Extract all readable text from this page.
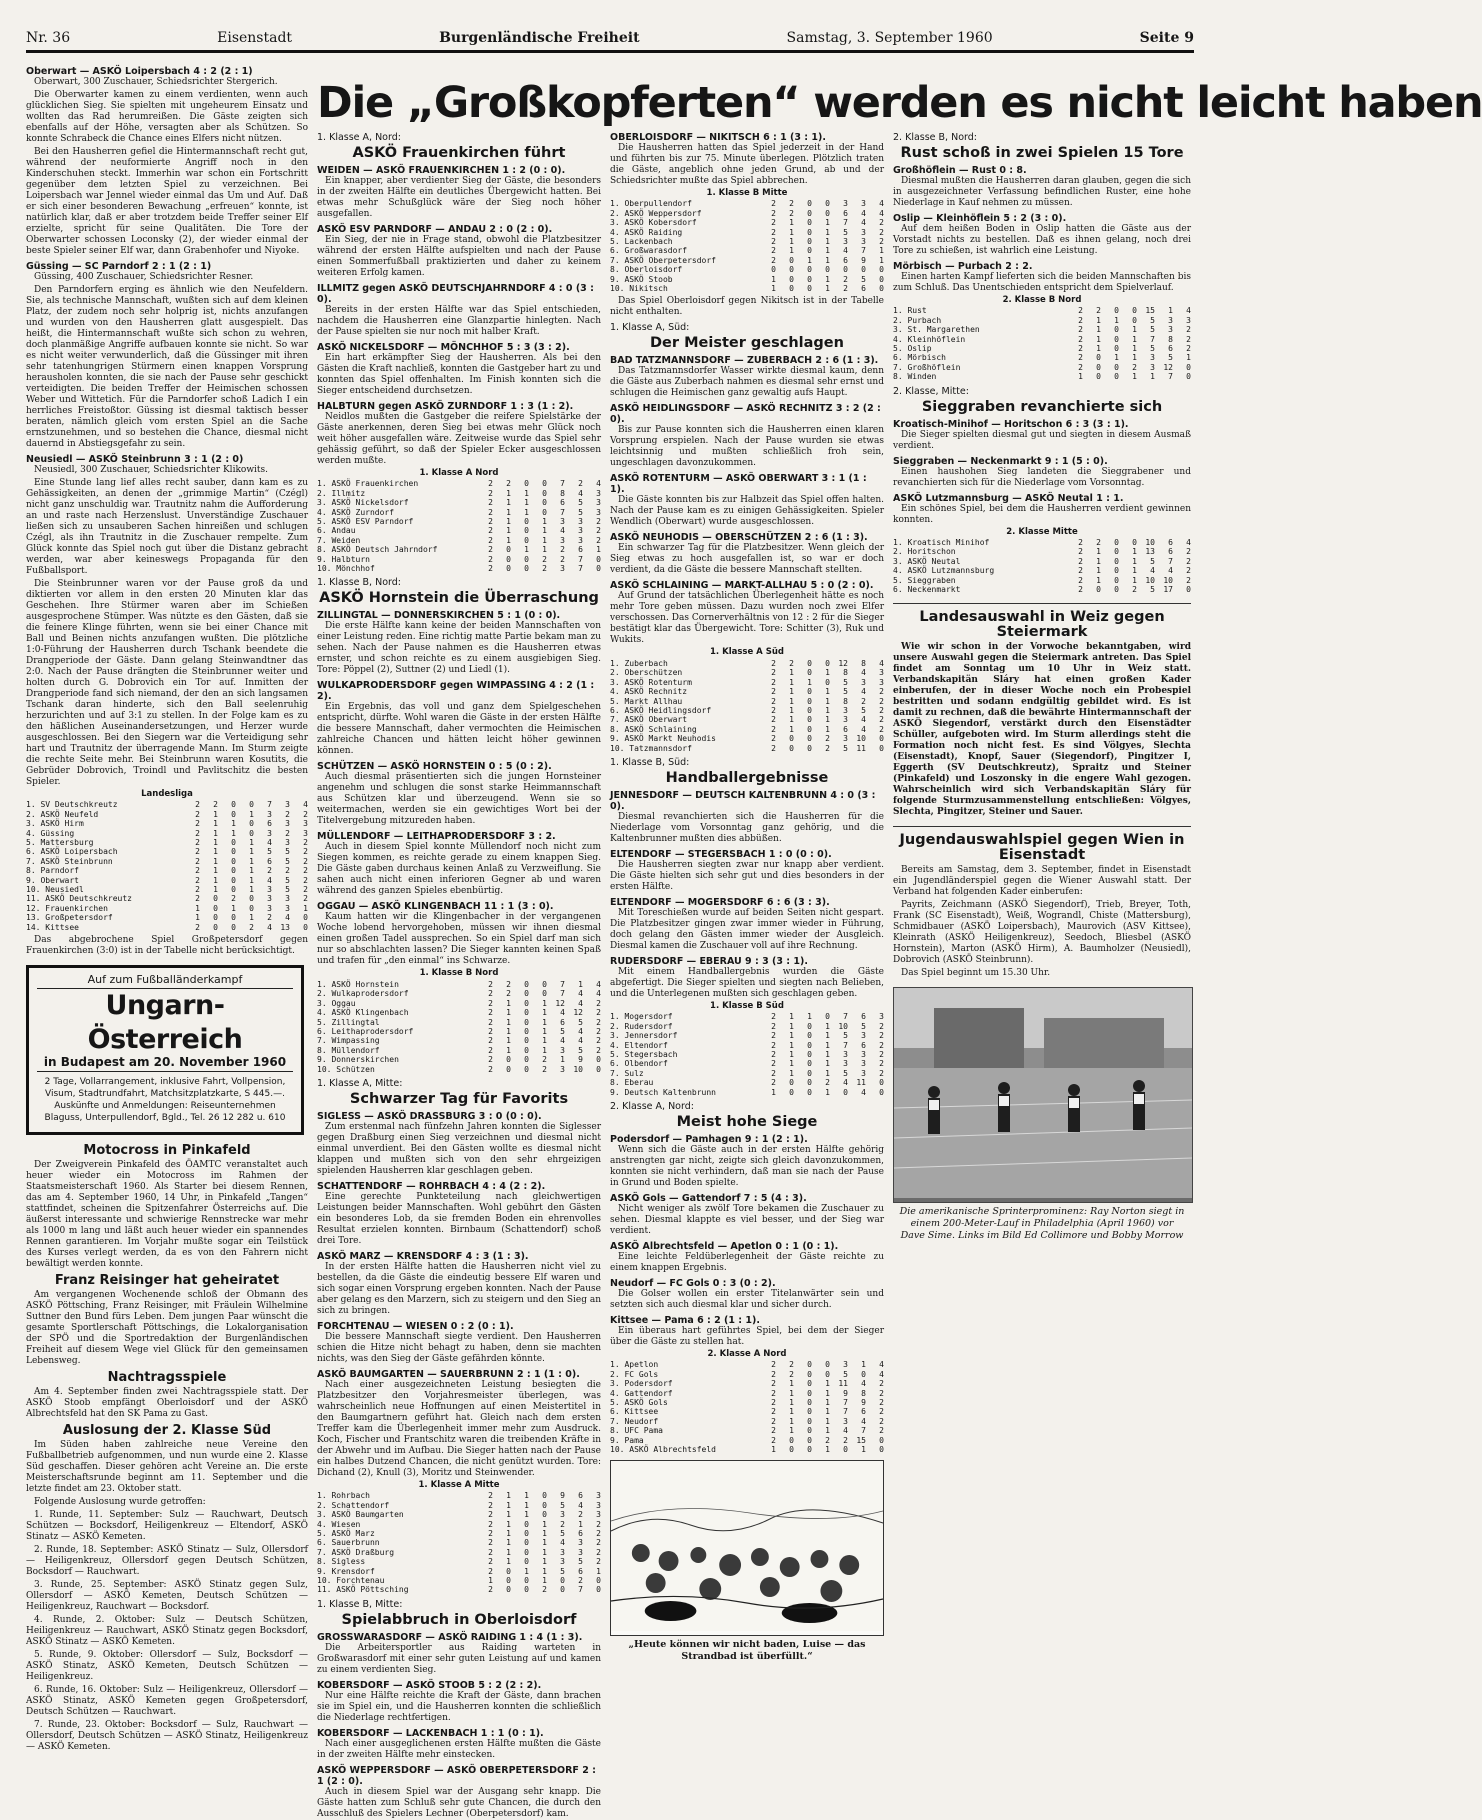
Nr. 36	Eisenstadt	Burgenländische Freiheit	Samstag, 3. September 1960	Seite 9
Die „Großkopferten“ werden es nicht leicht haben
Oberwart — ASKÖ Loipersbach 4 : 2 (2 : 1)
Oberwart, 300 Zuschauer, Schiedsrichter Stergerich.
Die Oberwarter kamen zu einem verdienten, wenn auch glücklichen Sieg. Sie spielten mit ungeheurem Einsatz und wollten das Rad herumreißen. Die Gäste zeigten sich ebenfalls auf der Höhe, versagten aber als Schützen. So konnte Schrabeck die Chance eines Elfers nicht nützen.
Bei den Hausherren gefiel die Hintermannschaft recht gut, während der neuformierte Angriff noch in den Kinderschuhen steckt. Immerhin war schon ein Fortschritt gegenüber dem letzten Spiel zu verzeichnen. Bei Loipersbach war Jennel wieder einmal das Um und Auf. Daß er sich einer besonderen Bewachung „erfreuen“ konnte, ist natürlich klar, daß er aber trotzdem beide Treffer seiner Elf erzielte, spricht für seine Qualitäten. Die Tore der Oberwarter schossen Loconsky (2), der wieder einmal der beste Spieler seiner Elf war, dann Grabenhofer und Niyoke.
Güssing — SC Parndorf 2 : 1 (2 : 1)
Güssing, 400 Zuschauer, Schiedsrichter Resner.
Den Parndorfern erging es ähnlich wie den Neufeldern. Sie, als technische Mannschaft, wußten sich auf dem kleinen Platz, der zudem noch sehr holprig ist, nichts anzufangen und wurden von den Hausherren glatt ausgespielt. Das heißt, die Hintermannschaft wußte sich schon zu wehren, doch planmäßige Angriffe aufbauen konnte sie nicht. So war es nicht weiter verwunderlich, daß die Güssinger mit ihren sehr tatenhungrigen Stürmern einen knappen Vorsprung herausholen konnten, die sie nach der Pause sehr geschickt verteidigten. Die beiden Treffer der Heimischen schossen Weber und Wittetich. Für die Parndorfer schoß Ladich I ein herrliches Freistoßtor. Güssing ist diesmal taktisch besser beraten, nämlich gleich vom ersten Spiel an die Sache ernstzunehmen, und so bestehen die Chance, diesmal nicht dauernd in Abstiegsgefahr zu sein.
Neusiedl — ASKÖ Steinbrunn 3 : 1 (2 : 0)
Neusiedl, 300 Zuschauer, Schiedsrichter Klikowits.
Eine Stunde lang lief alles recht sauber, dann kam es zu Gehässigkeiten, an denen der „grimmige Martin“ (Czégl) nicht ganz unschuldig war. Trautnitz nahm die Aufforderung an und raste nach Herzenslust. Unverständige Zuschauer ließen sich zu unsauberen Sachen hinreißen und schlugen Czégl, als ihn Trautnitz in die Zuschauer rempelte. Zum Glück konnte das Spiel noch gut über die Distanz gebracht werden, war aber keineswegs Propaganda für den Fußballsport.
Die Steinbrunner waren vor der Pause groß da und diktierten vor allem in den ersten 20 Minuten klar das Geschehen. Ihre Stürmer waren aber im Schießen ausgesprochene Stümper. Was nützte es den Gästen, daß sie die feinere Klinge führten, wenn sie bei einer Chance mit Ball und Beinen nichts anzufangen wußten. Die plötzliche 1:0-Führung der Hausherren durch Tschank beendete die Drangperiode der Gäste. Dann gelang Steinwandtner das 2:0. Nach der Pause drängten die Steinbrunner weiter und holten durch G. Dobrovich ein Tor auf. Inmitten der Drangperiode fand sich niemand, der den an sich langsamen Tschank daran hinderte, sich den Ball seelenruhig herzurichten und auf 3:1 zu stellen. In der Folge kam es zu den häßlichen Auseinandersetzungen, und Herzer wurde ausgeschlossen. Bei den Siegern war die Verteidigung sehr hart und Trautnitz der überragende Mann. Im Sturm zeigte die rechte Seite mehr. Bei Steinbrunn waren Kosutits, die Gebrüder Dobrovich, Troindl und Pavlitschitz die besten Spieler.
Landesliga
1. SV Deutschkreutz	2	2	0	0	7	3	4
2. ASKÖ Neufeld	2	1	0	1	3	2	2
3. ASKÖ Hirm	2	1	1	0	6	3	3
4. Güssing	2	1	1	0	3	2	3
5. Mattersburg	2	1	0	1	4	3	2
6. ASKÖ Loipersbach	2	1	0	1	5	5	2
7. ASKÖ Steinbrunn	2	1	0	1	6	5	2
8. Parndorf	2	1	0	1	2	2	2
9. Oberwart	2	1	0	1	4	5	2
10. Neusiedl	2	1	0	1	3	5	2
11. ASKÖ Deutschkreutz	2	0	2	0	3	3	2
12. Frauenkirchen	1	0	1	0	3	3	1
13. Großpetersdorf	1	0	0	1	2	4	0
14. Kittsee	2	0	0	2	4	13	0
Das abgebrochene Spiel Großpetersdorf gegen Frauenkirchen (3:0) ist in der Tabelle nicht berücksichtigt.
Auf zum Fußballänderkampf
Ungarn-Österreich
in Budapest am 20. November 1960
2 Tage, Vollarrangement, inklusive Fahrt, Vollpension, Visum, Stadtrundfahrt, Matchsitzplatzkarte, S 445.—. Auskünfte und Anmeldungen: Reiseunternehmen Blaguss, Unterpullendorf, Bgld., Tel. 26 12 282 u. 610
Motocross in Pinkafeld
Der Zweigverein Pinkafeld des ÖAMTC veranstaltet auch heuer wieder ein Motocross im Rahmen der Staatsmeisterschaft 1960. Als Starter bei diesem Rennen, das am 4. September 1960, 14 Uhr, in Pinkafeld „Tangen“ stattfindet, scheinen die Spitzenfahrer Österreichs auf. Die äußerst interessante und schwierige Rennstrecke war mehr als 1000 m lang und läßt auch heuer wieder ein spannendes Rennen garantieren. Im Vorjahr mußte sogar ein Teilstück des Kurses verlegt werden, da es von den Fahrern nicht bewältigt werden konnte.
Franz Reisinger hat geheiratet
Am vergangenen Wochenende schloß der Obmann des ASKÖ Pöttsching, Franz Reisinger, mit Fräulein Wilhelmine Suttner den Bund fürs Leben. Dem jungen Paar wünscht die gesamte Sportlerschaft Pöttschings, die Lokalorganisation der SPÖ und die Sportredaktion der Burgenländischen Freiheit auf diesem Wege viel Glück für den gemeinsamen Lebensweg.
Nachtragsspiele
Am 4. September finden zwei Nachtragsspiele statt. Der ASKÖ Stoob empfängt Oberloisdorf und der ASKÖ Albrechtsfeld hat den SK Pama zu Gast.
Auslosung der 2. Klasse Süd
Im Süden haben zahlreiche neue Vereine den Fußballbetrieb aufgenommen, und nun wurde eine 2. Klasse Süd geschaffen. Dieser gehören acht Vereine an. Die erste Meisterschaftsrunde beginnt am 11. September und die letzte findet am 23. Oktober statt.
Folgende Auslosung wurde getroffen:
1. Runde, 11. September: Sulz — Rauchwart, Deutsch Schützen — Bocksdorf, Heiligenkreuz — Eltendorf, ASKÖ Stinatz — ASKÖ Kemeten.
2. Runde, 18. September: ASKÖ Stinatz — Sulz, Ollersdorf — Heiligenkreuz, Ollersdorf gegen Deutsch Schützen, Bocksdorf — Rauchwart.
3. Runde, 25. September: ASKÖ Stinatz gegen Sulz, Ollersdorf — ASKÖ Kemeten, Deutsch Schützen — Heiligenkreuz, Rauchwart — Bocksdorf.
4. Runde, 2. Oktober: Sulz — Deutsch Schützen, Heiligenkreuz — Rauchwart, ASKÖ Stinatz gegen Bocksdorf, ASKÖ Stinatz — ASKÖ Kemeten.
5. Runde, 9. Oktober: Ollersdorf — Sulz, Bocksdorf — ASKÖ Stinatz, ASKÖ Kemeten, Deutsch Schützen — Heiligenkreuz.
6. Runde, 16. Oktober: Sulz — Heiligenkreuz, Ollersdorf — ASKÖ Stinatz, ASKÖ Kemeten gegen Großpetersdorf, Deutsch Schützen — Rauchwart.
7. Runde, 23. Oktober: Bocksdorf — Sulz, Rauchwart — Ollersdorf, Deutsch Schützen — ASKÖ Stinatz, Heiligenkreuz — ASKÖ Kemeten.
1. Klasse A, Nord:
ASKÖ Frauenkirchen führt
WEIDEN — ASKÖ FRAUENKIRCHEN 1 : 2 (0 : 0).
Ein knapper, aber verdienter Sieg der Gäste, die besonders in der zweiten Hälfte ein deutliches Übergewicht hatten. Bei etwas mehr Schußglück wäre der Sieg noch höher ausgefallen.
ASKÖ ESV PARNDORF — ANDAU 2 : 0 (2 : 0).
Ein Sieg, der nie in Frage stand, obwohl die Platzbesitzer während der ersten Hälfte aufspielten und nach der Pause einen Sommerfußball praktizierten und daher zu keinem weiteren Erfolg kamen.
ILLMITZ gegen ASKÖ DEUTSCHJAHRNDORF 4 : 0 (3 : 0).
Bereits in der ersten Hälfte war das Spiel entschieden, nachdem die Hausherren eine Glanzpartie hinlegten. Nach der Pause spielten sie nur noch mit halber Kraft.
ASKÖ NICKELSDORF — MÖNCHHOF 5 : 3 (3 : 2).
Ein hart erkämpfter Sieg der Hausherren. Als bei den Gästen die Kraft nachließ, konnten die Gastgeber hart zu und konnten das Spiel offenhalten. Im Finish konnten sich die Sieger entscheidend durchsetzen.
HALBTURN gegen ASKÖ ZURNDORF 1 : 3 (1 : 2).
Neidlos mußten die Gastgeber die reifere Spielstärke der Gäste anerkennen, deren Sieg bei etwas mehr Glück noch weit höher ausgefallen wäre. Zeitweise wurde das Spiel sehr gehässig geführt, so daß der Spieler Ecker ausgeschlossen werden mußte.
1. Klasse A Nord
1. ASKÖ Frauenkirchen	2	2	0	0	7	2	4
2. Illmitz	2	1	1	0	8	4	3
3. ASKÖ Nickelsdorf	2	1	1	0	6	5	3
4. ASKÖ Zurndorf	2	1	1	0	7	5	3
5. ASKÖ ESV Parndorf	2	1	0	1	3	3	2
6. Andau	2	1	0	1	4	3	2
7. Weiden	2	1	0	1	3	3	2
8. ASKÖ Deutsch Jahrndorf	2	0	1	1	2	6	1
9. Halbturn	2	0	0	2	2	7	0
10. Mönchhof	2	0	0	2	3	7	0
1. Klasse B, Nord:
ASKÖ Hornstein die Überraschung
ZILLINGTAL — DONNERSKIRCHEN 5 : 1 (0 : 0).
Die erste Hälfte kann keine der beiden Mannschaften von einer Leistung reden. Eine richtig matte Partie bekam man zu sehen. Nach der Pause nahmen es die Hausherren etwas ernster, und schon reichte es zu einem ausgiebigen Sieg. Tore: Pöppel (2), Suttner (2) und Liedl (1).
WULKAPRODERSDORF gegen WIMPASSING 4 : 2 (1 : 2).
Ein Ergebnis, das voll und ganz dem Spielgeschehen entspricht, dürfte. Wohl waren die Gäste in der ersten Hälfte die bessere Mannschaft, daher vermochten die Heimischen zahlreiche Chancen und hätten leicht höher gewinnen können.
SCHÜTZEN — ASKÖ HORNSTEIN 0 : 5 (0 : 2).
Auch diesmal präsentierten sich die jungen Hornsteiner angenehm und schlugen die sonst starke Heimmannschaft aus Schützen klar und überzeugend. Wenn sie so weitermachen, werden sie ein gewichtiges Wort bei der Titelvergebung mitzureden haben.
MÜLLENDORF — LEITHAPRODERSDORF 3 : 2.
Auch in diesem Spiel konnte Müllendorf noch nicht zum Siegen kommen, es reichte gerade zu einem knappen Sieg. Die Gäste gaben durchaus keinen Anlaß zu Verzweiflung. Sie sahen auch nicht einen inferioren Gegner ab und waren während des ganzen Spieles ebenbürtig.
OGGAU — ASKÖ KLINGENBACH 11 : 1 (3 : 0).
Kaum hatten wir die Klingenbacher in der vergangenen Woche lobend hervorgehoben, müssen wir ihnen diesmal einen großen Tadel aussprechen. So ein Spiel darf man sich nur so abschlachten lassen? Die Sieger kannten keinen Spaß und trafen für „den einmal“ ins Schwarze.
1. Klasse B Nord
1. ASKÖ Hornstein	2	2	0	0	7	1	4
2. Wulkaprodersdorf	2	2	0	0	7	4	4
3. Oggau	2	1	0	1	12	4	2
4. ASKÖ Klingenbach	2	1	0	1	4	12	2
5. Zillingtal	2	1	0	1	6	5	2
6. Leithaprodersdorf	2	1	0	1	5	4	2
7. Wimpassing	2	1	0	1	4	4	2
8. Müllendorf	2	1	0	1	3	5	2
9. Donnerskirchen	2	0	0	2	1	9	0
10. Schützen	2	0	0	2	3	10	0
1. Klasse A, Mitte:
Schwarzer Tag für Favorits
SIGLESS — ASKÖ DRASSBURG 3 : 0 (0 : 0).
Zum erstenmal nach fünfzehn Jahren konnten die Siglesser gegen Draßburg einen Sieg verzeichnen und diesmal nicht einmal unverdient. Bei den Gästen wollte es diesmal nicht klappen und mußten sich von den sehr ehrgeizigen spielenden Hausherren klar geschlagen geben.
SCHATTENDORF — ROHRBACH 4 : 4 (2 : 2).
Eine gerechte Punkteteilung nach gleichwertigen Leistungen beider Mannschaften. Wohl gebührt den Gästen ein besonderes Lob, da sie fremden Boden ein ehrenvolles Resultat erzielen konnten. Birnbaum (Schattendorf) schoß drei Tore.
ASKÖ MARZ — KRENSDORF 4 : 3 (1 : 3).
In der ersten Hälfte hatten die Hausherren nicht viel zu bestellen, da die Gäste die eindeutig bessere Elf waren und sich sogar einen Vorsprung ergeben konnten. Nach der Pause aber gelang es den Marzern, sich zu steigern und den Sieg an sich zu bringen.
FORCHTENAU — WIESEN 0 : 2 (0 : 1).
Die bessere Mannschaft siegte verdient. Den Hausherren schien die Hitze nicht behagt zu haben, denn sie machten nichts, was den Sieg der Gäste gefährden könnte.
ASKÖ BAUMGARTEN — SAUERBRUNN 2 : 1 (1 : 0).
Nach einer ausgezeichneten Leistung besiegten die Platzbesitzer den Vorjahresmeister überlegen, was wahrscheinlich neue Hoffnungen auf einen Meistertitel in den Baumgartnern geführt hat. Gleich nach dem ersten Treffer kam die Überlegenheit immer mehr zum Ausdruck. Koch, Fischer und Frantschitz waren die treibenden Kräfte in der Abwehr und im Aufbau. Die Sieger hatten nach der Pause ein halbes Dutzend Chancen, die nicht genützt wurden. Tore: Dichand (2), Knull (3), Moritz und Steinwender.
1. Klasse A Mitte
1. Rohrbach	2	1	1	0	9	6	3
2. Schattendorf	2	1	1	0	5	4	3
3. ASKÖ Baumgarten	2	1	1	0	3	2	3
4. Wiesen	2	1	0	1	2	1	2
5. ASKÖ Marz	2	1	0	1	5	6	2
6. Sauerbrunn	2	1	0	1	4	3	2
7. ASKÖ Draßburg	2	1	0	1	3	3	2
8. Sigless	2	1	0	1	3	5	2
9. Krensdorf	2	0	1	1	5	6	1
10. Forchtenau	1	0	0	1	0	2	0
11. ASKÖ Pöttsching	2	0	0	2	0	7	0
1. Klasse B, Mitte:
Spielabbruch in Oberloisdorf
GROSSWARASDORF — ASKÖ RAIDING 1 : 4 (1 : 3).
Die Arbeitersportler aus Raiding warteten in Großwarasdorf mit einer sehr guten Leistung auf und kamen zu einem verdienten Sieg.
KOBERSDORF — ASKÖ STOOB 5 : 2 (2 : 2).
Nur eine Hälfte reichte die Kraft der Gäste, dann brachen sie im Spiel ein, und die Hausherren konnten die schließlich die Niederlage rechtfertigen.
KOBERSDORF — LACKENBACH 1 : 1 (0 : 1).
Nach einer ausgeglichenen ersten Hälfte mußten die Gäste in der zweiten Hälfte mehr einstecken.
ASKÖ WEPPERSDORF — ASKÖ OBERPETERSDORF 2 : 1 (2 : 0).
Auch in diesem Spiel war der Ausgang sehr knapp. Die Gäste hatten zum Schluß sehr gute Chancen, die durch den Ausschluß des Spielers Lechner (Oberpetersdorf) kam.
OBERLOISDORF — NIKITSCH 6 : 1 (3 : 1).
Die Hausherren hatten das Spiel jederzeit in der Hand und führten bis zur 75. Minute überlegen. Plötzlich traten die Gäste, angeblich ohne jeden Grund, ab und der Schiedsrichter mußte das Spiel abbrechen.
1. Klasse B Mitte
1. Oberpullendorf	2	2	0	0	3	3	4
2. ASKÖ Weppersdorf	2	2	0	0	6	4	4
3. ASKÖ Kobersdorf	2	1	0	1	7	4	2
4. ASKÖ Raiding	2	1	0	1	5	3	2
5. Lackenbach	2	1	0	1	3	3	2
6. Großwarasdorf	2	1	0	1	4	7	1
7. ASKÖ Oberpetersdorf	2	0	1	1	6	9	1
8. Oberloisdorf	0	0	0	0	0	0	0
9. ASKÖ Stoob	1	0	0	1	2	5	0
10. Nikitsch	1	0	0	1	2	6	0
Das Spiel Oberloisdorf gegen Nikitsch ist in der Tabelle nicht enthalten.
1. Klasse A, Süd:
Der Meister geschlagen
BAD TATZMANNSDORF — ZUBERBACH 2 : 6 (1 : 3).
Das Tatzmannsdorfer Wasser wirkte diesmal kaum, denn die Gäste aus Zuberbach nahmen es diesmal sehr ernst und schlugen die Heimischen ganz gewaltig aufs Haupt.
ASKÖ HEIDLINGSDORF — ASKÖ RECHNITZ 3 : 2 (2 : 0).
Bis zur Pause konnten sich die Hausherren einen klaren Vorsprung erspielen. Nach der Pause wurden sie etwas leichtsinnig und mußten schließlich froh sein, ungeschlagen davonzukommen.
ASKÖ ROTENTURM — ASKÖ OBERWART 3 : 1 (1 : 1).
Die Gäste konnten bis zur Halbzeit das Spiel offen halten. Nach der Pause kam es zu einigen Gehässigkeiten. Spieler Wendlich (Oberwart) wurde ausgeschlossen.
ASKÖ NEUHODIS — OBERSCHÜTZEN 2 : 6 (1 : 3).
Ein schwarzer Tag für die Platzbesitzer. Wenn gleich der Sieg etwas zu hoch ausgefallen ist, so war er doch verdient, da die Gäste die bessere Mannschaft stellten.
ASKÖ SCHLAINING — MARKT-ALLHAU 5 : 0 (2 : 0).
Auf Grund der tatsächlichen Überlegenheit hätte es noch mehr Tore geben müssen. Dazu wurden noch zwei Elfer verschossen. Das Cornerverhältnis von 12 : 2 für die Sieger bestätigt klar das Übergewicht. Tore: Schitter (3), Ruk und Wukits.
1. Klasse A Süd
1. Zuberbach	2	2	0	0	12	8	4
2. Oberschützen	2	1	0	1	8	4	3
3. ASKÖ Rotenturm	2	1	1	0	5	3	3
4. ASKÖ Rechnitz	2	1	0	1	5	4	2
5. Markt Allhau	2	1	0	1	8	2	2
6. ASKÖ Heidlingsdorf	2	1	0	1	3	5	2
7. ASKÖ Oberwart	2	1	0	1	3	4	2
8. ASKÖ Schlaining	2	1	0	1	6	4	2
9. ASKÖ Markt Neuhodis	2	0	0	2	3	10	0
10. Tatzmannsdorf	2	0	0	2	5	11	0
1. Klasse B, Süd:
Handballergebnisse
JENNESDORF — DEUTSCH KALTENBRUNN 4 : 0 (3 : 0).
Diesmal revanchierten sich die Hausherren für die Niederlage vom Vorsonntag ganz gehörig, und die Kaltenbrunner mußten dies abbüßen.
ELTENDORF — STEGERSBACH 1 : 0 (0 : 0).
Die Hausherren siegten zwar nur knapp aber verdient. Die Gäste hielten sich sehr gut und dies besonders in der ersten Hälfte.
ELTENDORF — MOGERSDORF 6 : 6 (3 : 3).
Mit Toreschießen wurde auf beiden Seiten nicht gespart. Die Platzbesitzer gingen zwar immer wieder in Führung, doch gelang den Gästen immer wieder der Ausgleich. Diesmal kamen die Zuschauer voll auf ihre Rechnung.
RUDERSDORF — EBERAU 9 : 3 (3 : 1).
Mit einem Handballergebnis wurden die Gäste abgefertigt. Die Sieger spielten und siegten nach Belieben, und die Unterlegenen mußten sich geschlagen geben.
1. Klasse B Süd
1. Mogersdorf	2	1	1	0	7	6	3
2. Rudersdorf	2	1	0	1	10	5	2
3. Jennersdorf	2	1	0	1	5	3	2
4. Eltendorf	2	1	0	1	7	6	2
5. Stegersbach	2	1	0	1	3	3	2
6. Olbendorf	2	1	0	1	3	3	2
7. Sulz	2	1	0	1	5	3	2
8. Eberau	2	0	0	2	4	11	0
9. Deutsch Kaltenbrunn	1	0	0	1	0	4	0
2. Klasse A, Nord:
Meist hohe Siege
Podersdorf — Pamhagen 9 : 1 (2 : 1).
Wenn sich die Gäste auch in der ersten Hälfte gehörig anstrengten gar nicht, zeigte sich gleich davonzukommen, konnten sie nicht verhindern, daß man sie nach der Pause in Grund und Boden spielte.
ASKÖ Gols — Gattendorf 7 : 5 (4 : 3).
Nicht weniger als zwölf Tore bekamen die Zuschauer zu sehen. Diesmal klappte es viel besser, und der Sieg war verdient.
ASKÖ Albrechtsfeld — Apetlon 0 : 1 (0 : 1).
Eine leichte Feldüberlegenheit der Gäste reichte zu einem knappen Ergebnis.
Neudorf — FC Gols 0 : 3 (0 : 2).
Die Golser wollen ein erster Titelanwärter sein und setzten sich auch diesmal klar und sicher durch.
Kittsee — Pama 6 : 2 (1 : 1).
Ein überaus hart geführtes Spiel, bei dem der Sieger über die Gäste zu stellen hat.
2. Klasse A Nord
1. Apetlon	2	2	0	0	3	1	4
2. FC Gols	2	2	0	0	5	0	4
3. Podersdorf	2	1	0	1	11	4	2
4. Gattendorf	2	1	0	1	9	8	2
5. ASKÖ Gols	2	1	0	1	7	9	2
6. Kittsee	2	1	0	1	7	6	2
7. Neudorf	2	1	0	1	3	4	2
8. UFC Pama	2	1	0	1	4	7	2
9. Pama	2	0	0	2	2	15	0
10. ASKÖ Albrechtsfeld	1	0	0	1	0	1	0
„Heute können wir nicht baden, Luise — das Strandbad ist überfüllt.“
2. Klasse B, Nord:
Rust schoß in zwei Spielen 15 Tore
Großhöflein — Rust 0 : 8.
Diesmal mußten die Hausherren daran glauben, gegen die sich in ausgezeichneter Verfassung befindlichen Ruster, eine hohe Niederlage in Kauf nehmen zu müssen.
Oslip — Kleinhöflein 5 : 2 (3 : 0).
Auf dem heißen Boden in Oslip hatten die Gäste aus der Vorstadt nichts zu bestellen. Daß es ihnen gelang, noch drei Tore zu schießen, ist wahrlich eine Leistung.
Mörbisch — Purbach 2 : 2.
Einen harten Kampf lieferten sich die beiden Mannschaften bis zum Schluß. Das Unentschieden entspricht dem Spielverlauf.
2. Klasse B Nord
1. Rust	2	2	0	0	15	1	4
2. Purbach	2	1	1	0	5	3	3
3. St. Margarethen	2	1	0	1	5	3	2
4. Kleinhöflein	2	1	0	1	7	8	2
5. Oslip	2	1	0	1	5	6	2
6. Mörbisch	2	0	1	1	3	5	1
7. Großhöflein	2	0	0	2	3	12	0
8. Winden	1	0	0	1	1	7	0
2. Klasse, Mitte:
Sieggraben revanchierte sich
Kroatisch-Minihof — Horitschon 6 : 3 (3 : 1).
Die Sieger spielten diesmal gut und siegten in diesem Ausmaß verdient.
Sieggraben — Neckenmarkt 9 : 1 (5 : 0).
Einen haushohen Sieg landeten die Sieggrabener und revanchierten sich für die Niederlage vom Vorsonntag.
ASKÖ Lutzmannsburg — ASKÖ Neutal 1 : 1.
Ein schönes Spiel, bei dem die Hausherren verdient gewinnen konnten.
2. Klasse Mitte
1. Kroatisch Minihof	2	2	0	0	10	6	4
2. Horitschon	2	1	0	1	13	6	2
3. ASKÖ Neutal	2	1	0	1	5	7	2
4. ASKÖ Lutzmannsburg	2	1	0	1	4	4	2
5. Sieggraben	2	1	0	1	10	10	2
6. Neckenmarkt	2	0	0	2	5	17	0
Landesauswahl in Weiz gegen Steiermark
Wie wir schon in der Vorwoche bekanntgaben, wird unsere Auswahl gegen die Steiermark antreten. Das Spiel findet am Sonntag um 10 Uhr in Weiz statt. Verbandskapitän Sláry hat einen großen Kader einberufen, der in dieser Woche noch ein Probespiel bestritten und sodann endgültig gebildet wird. Es ist damit zu rechnen, daß die bewährte Hintermannschaft der ASKÖ Siegendorf, verstärkt durch den Eisenstädter Schüller, aufgeboten wird. Im Sturm allerdings steht die Formation noch nicht fest. Es sind Völgyes, Slechta (Eisenstadt), Knopf, Sauer (Siegendorf), Pingitzer I, Eggerth (SV Deutschkreutz), Spraitz und Steiner (Pinkafeld) und Loszonsky in die engere Wahl gezogen. Wahrscheinlich wird sich Verbandskapitän Sláry für folgende Sturmzusammenstellung entschließen: Völgyes, Slechta, Pingitzer, Steiner und Sauer.
Jugendauswahlspiel gegen Wien in Eisenstadt
Bereits am Samstag, dem 3. September, findet in Eisenstadt ein Jugendländerspiel gegen die Wiener Auswahl statt. Der Verband hat folgenden Kader einberufen:
Payrits, Zeichmann (ASKÖ Siegendorf), Trieb, Breyer, Toth, Frank (SC Eisenstadt), Weiß, Wograndl, Chiste (Mattersburg), Schmidbauer (ASKÖ Loipersbach), Maurovich (ASV Kittsee), Kleinrath (ASKÖ Heiligenkreuz), Seedoch, Bliesbel (ASKÖ Hornstein), Marton (ASKÖ Hirm), A. Baumholzer (Neusiedl), Dobrovich (ASKÖ Steinbrunn).
Das Spiel beginnt um 15.30 Uhr.
Die amerikanische Sprinterprominenz: Ray Norton siegt in einem 200-Meter-Lauf in Philadelphia (April 1960) vor Dave Sime. Links im Bild Ed Collimore und Bobby Morrow
